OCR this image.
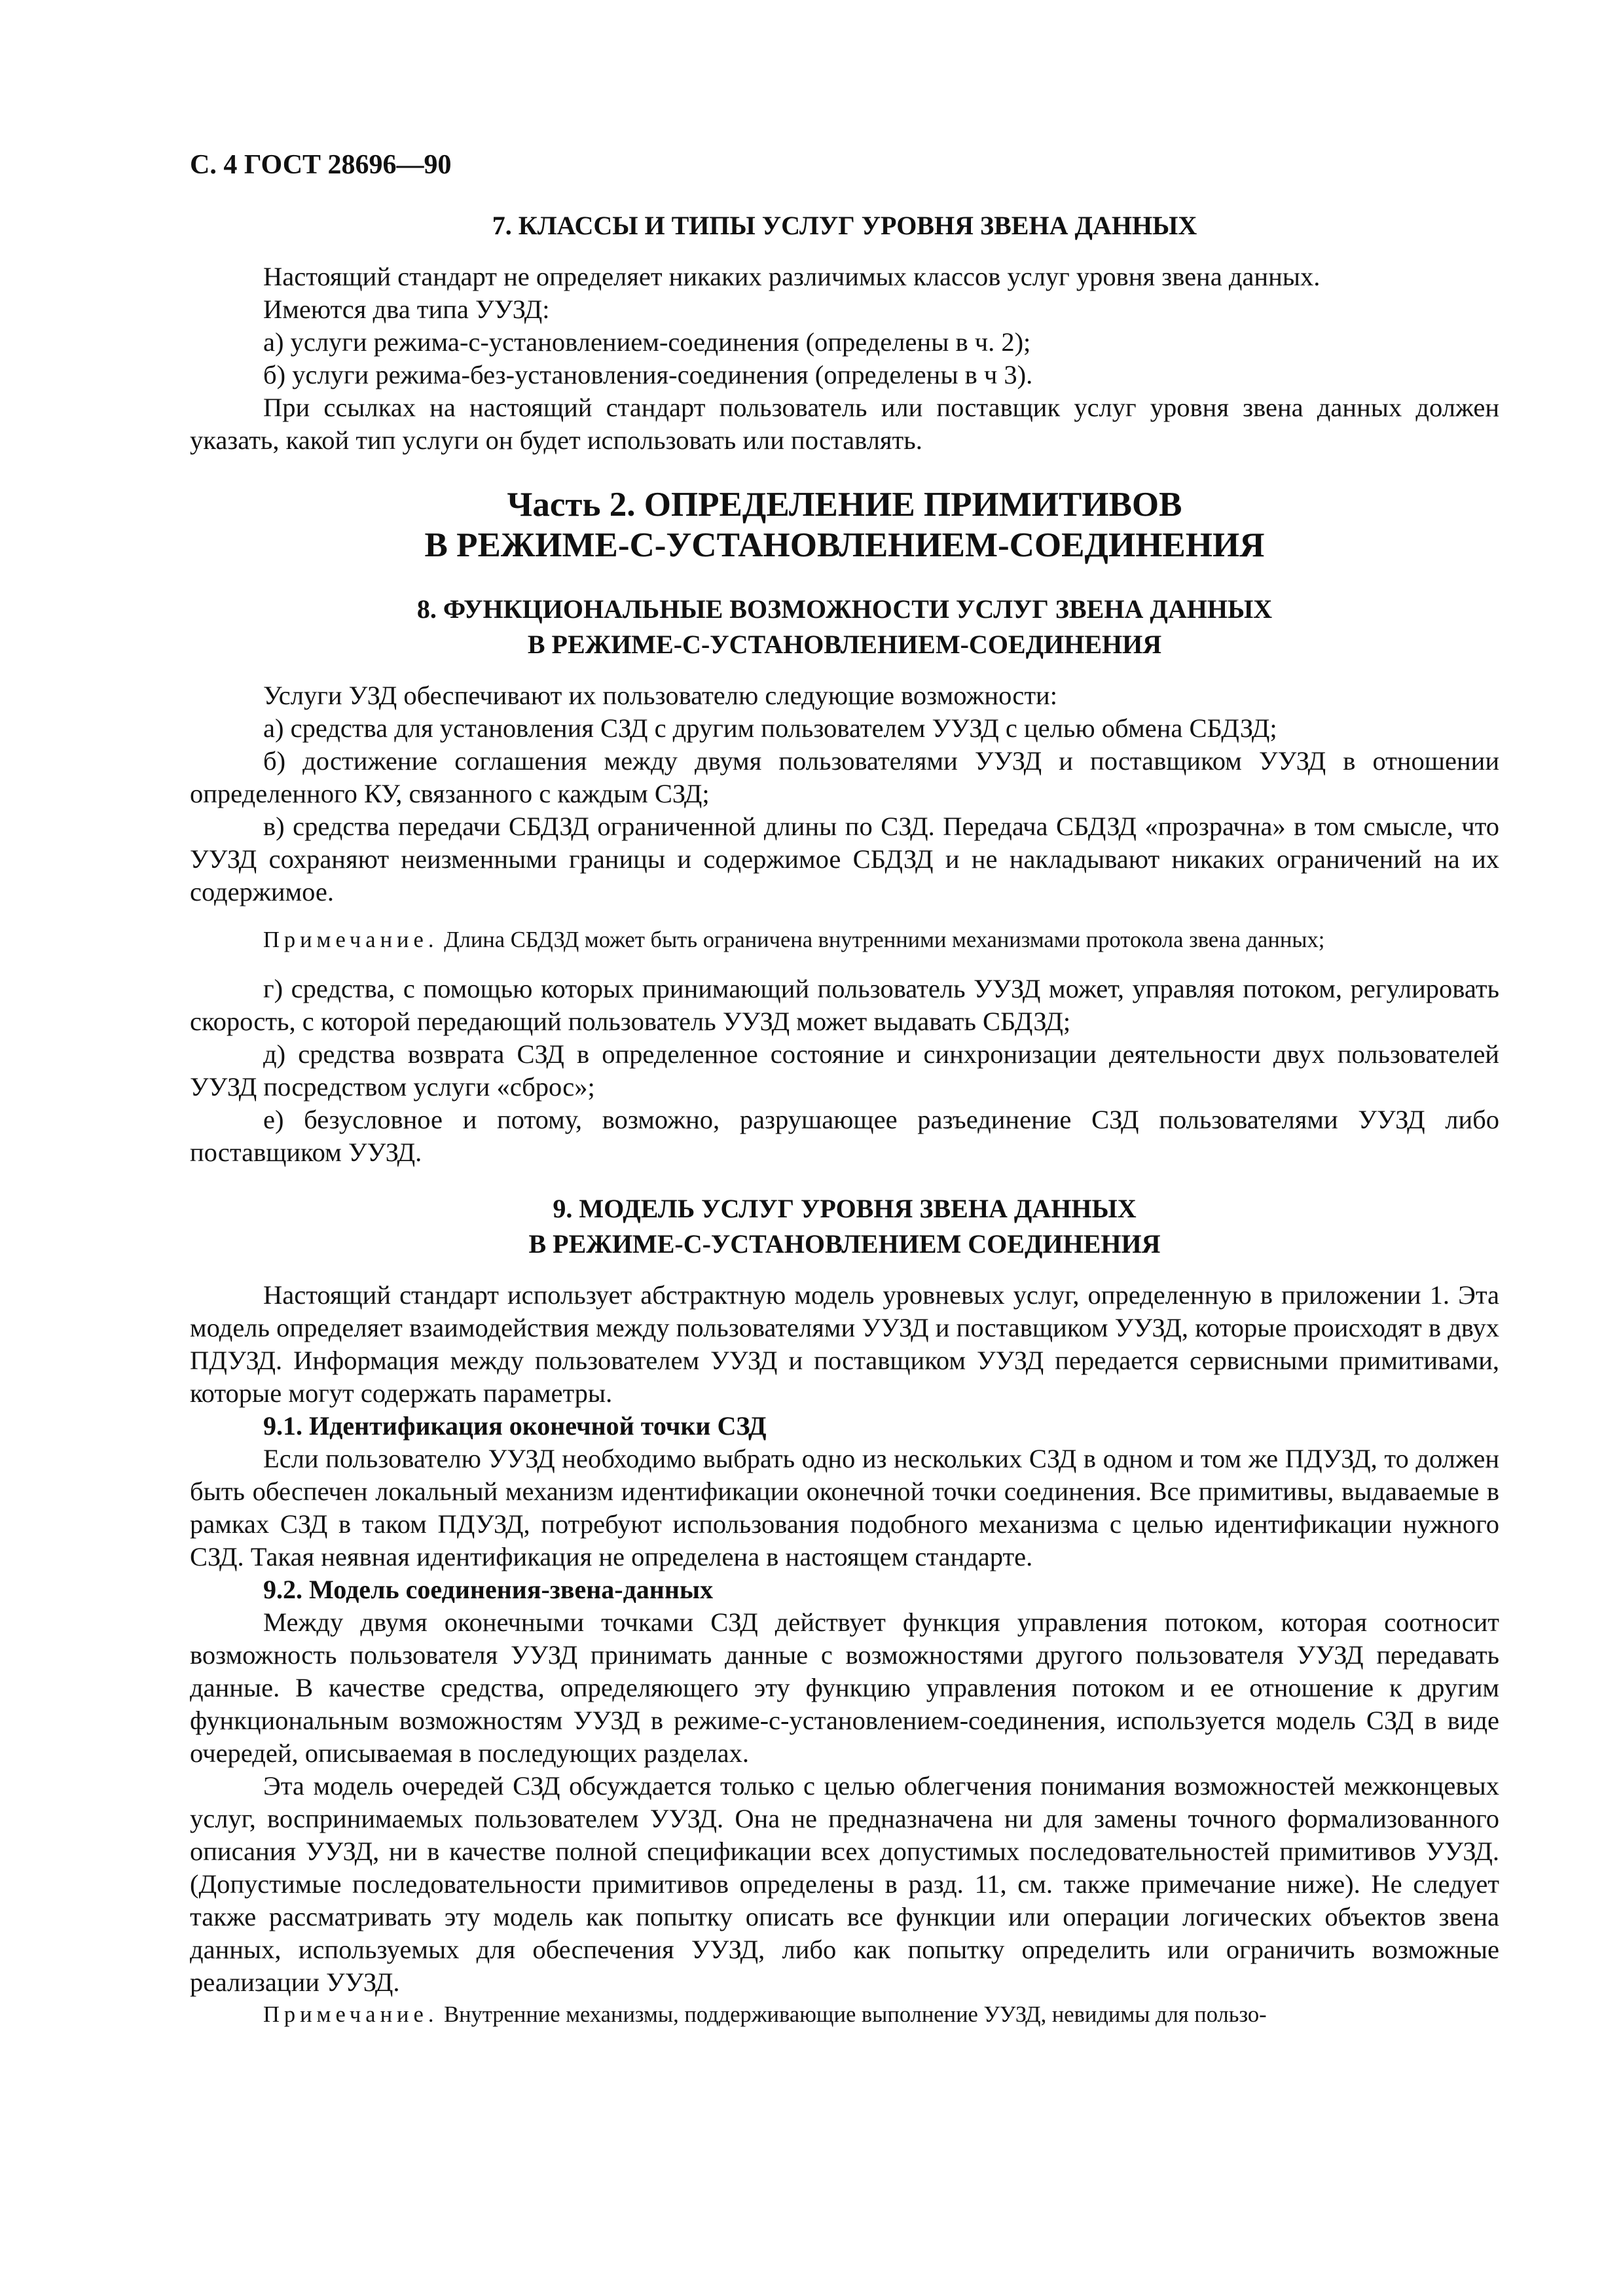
С. 4 ГОСТ 28696—90
7. КЛАССЫ И ТИПЫ УСЛУГ УРОВНЯ ЗВЕНА ДАННЫХ

Настоящий стандарт не определяет никаких различимых классов услуг уровня звена данных.

Имеются два типа УУЗД:

а) услуги режима-с-установлением-соединения (определены в ч. 2);

б) услуги режима-без-установления-соединения (определены в ч 3).

При ссылках на настоящий стандарт пользователь или поставщик услуг уровня звена данных должен указать, какой тип услуги он будет использовать или поставлять.

Часть 2. ОПРЕДЕЛЕНИЕ ПРИМИТИВОВ
В РЕЖИМЕ-С-УСТАНОВЛЕНИЕМ-СОЕДИНЕНИЯ
8. ФУНКЦИОНАЛЬНЫЕ ВОЗМОЖНОСТИ УСЛУГ ЗВЕНА ДАННЫХ
В РЕЖИМЕ-С-УСТАНОВЛЕНИЕМ-СОЕДИНЕНИЯ

Услуги УЗД обеспечивают их пользователю следующие возможности:

а) средства для установления СЗД с другим пользователем УУЗД с целью обмена СБДЗД;

б) достижение соглашения между двумя пользователями УУЗД и поставщиком УУЗД в отношении определенного КУ, связанного с каждым СЗД;

в) средства передачи СБДЗД ограниченной длины по СЗД. Передача СБДЗД «прозрачна» в том смысле, что УУЗД сохраняют неизменными границы и содержимое СБДЗД и не накладывают никаких ограничений на их содержимое.

Примечание. Длина СБДЗД может быть ограничена внутренними механизмами протокола звена данных;

г) средства, с помощью которых принимающий пользователь УУЗД может, управляя потоком, регулировать скорость, с которой передающий пользователь УУЗД может выдавать СБДЗД;

д) средства возврата СЗД в определенное состояние и синхронизации деятельности двух пользователей УУЗД посредством услуги «сброс»;

е) безусловное и потому, возможно, разрушающее разъединение СЗД пользователями УУЗД либо поставщиком УУЗД.

9. МОДЕЛЬ УСЛУГ УРОВНЯ ЗВЕНА ДАННЫХ
В РЕЖИМЕ-С-УСТАНОВЛЕНИЕМ СОЕДИНЕНИЯ

Настоящий стандарт использует абстрактную модель уровневых услуг, определенную в приложении 1. Эта модель определяет взаимодействия между пользователями УУЗД и поставщиком УУЗД, которые происходят в двух ПДУЗД. Информация между пользователем УУЗД и поставщиком УУЗД передается сервисными примитивами, которые могут содержать параметры.

9.1. Идентификация оконечной точки СЗД

Если пользователю УУЗД необходимо выбрать одно из нескольких СЗД в одном и том же ПДУЗД, то должен быть обеспечен локальный механизм идентификации оконечной точки соединения. Все примитивы, выдаваемые в рамках СЗД в таком ПДУЗД, потребуют использования подобного механизма с целью идентификации нужного СЗД. Такая неявная идентификация не определена в настоящем стандарте.

9.2. Модель соединения-звена-данных

Между двумя оконечными точками СЗД действует функция управления потоком, которая соотносит возможность пользователя УУЗД принимать данные с возможностями другого пользователя УУЗД передавать данные. В качестве средства, определяющего эту функцию управления потоком и ее отношение к другим функциональным возможностям УУЗД в режиме-с-установлением-соединения, используется модель СЗД в виде очередей, описываемая в последующих разделах.

Эта модель очередей СЗД обсуждается только с целью облегчения понимания возможностей межконцевых услуг, воспринимаемых пользователем УУЗД. Она не предназначена ни для замены точного формализованного описания УУЗД, ни в качестве полной спецификации всех допустимых последовательностей примитивов УУЗД. (Допустимые последовательности примитивов определены в разд. 11, см. также примечание ниже). Не следует также рассматривать эту модель как попытку описать все функции или операции логических объектов звена данных, используемых для обеспечения УУЗД, либо как попытку определить или ограничить возможные реализации УУЗД.

Примечание. Внутренние механизмы, поддерживающие выполнение УУЗД, невидимы для пользо-
